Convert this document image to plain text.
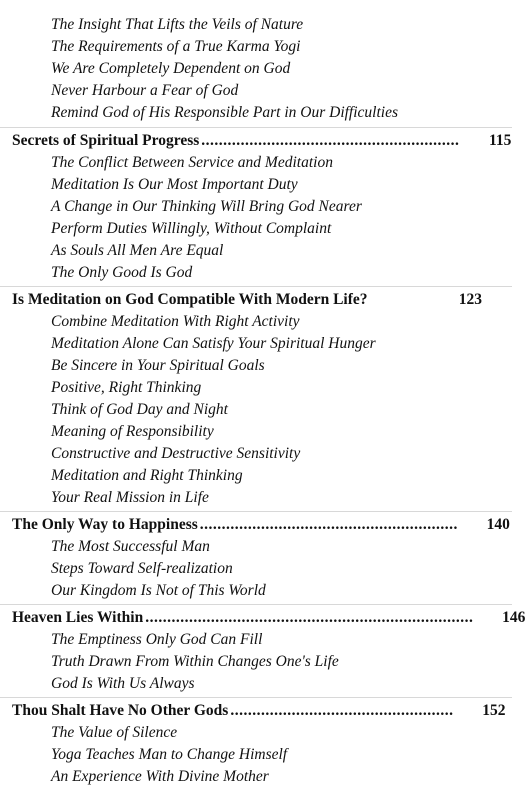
The Insight That Lifts the Veils of Nature

The Requirements of a True Karma Yogi

We Are Completely Dependent on God

Never Harbour a Fear of God

Remind God of His Responsible Part in Our Difficulties

Secrets of Spiritual Progress ...........................................................	115

The Conflict Between Service and Meditation

Meditation Is Our Most Important Duty

A Change in Our Thinking Will Bring God Nearer

Perform Duties Willingly, Without Complaint

As Souls All Men Are Equal

The Only Good Is God

Is Meditation on God Compatible With Modern Life?	123

Combine Meditation With Right Activity

Meditation Alone Can Satisfy Your Spiritual Hunger

Be Sincere in Your Spiritual Goals

Positive, Right Thinking

Think of God Day and Night

Meaning of Responsibility

Constructive and Destructive Sensitivity

Meditation and Right Thinking

Your Real Mission in Life

The Only Way to Happiness ...........................................................	140

The Most Successful Man

Steps Toward Self-realization

Our Kingdom Is Not of This World

Heaven Lies Within ...........................................................................	146

The Emptiness Only God Can Fill

Truth Drawn From Within Changes One's Life

God Is With Us Always

Thou Shalt Have No Other Gods ...................................................	152

The Value of Silence

Yoga Teaches Man to Change Himself

An Experience With Divine Mother
